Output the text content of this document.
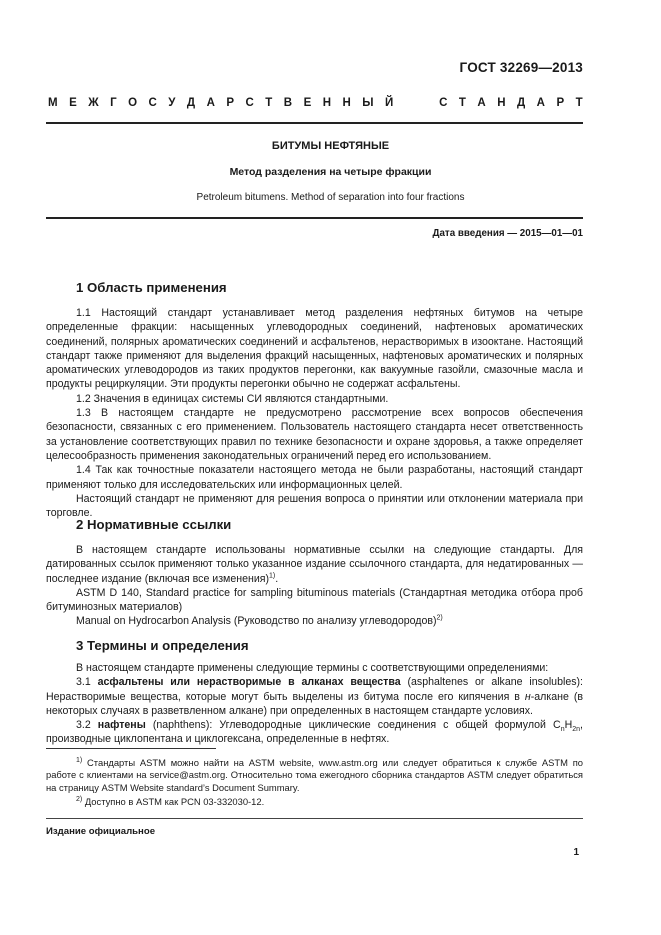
ГОСТ 32269—2013
М Е Ж Г О С У Д А Р С Т В Е Н Н Ы Й	С Т А Н Д А Р Т
БИТУМЫ НЕФТЯНЫЕ
Метод разделения на четыре фракции
Petroleum bitumens. Method of separation into four fractions
Дата введения — 2015—01—01
1 Область применения

1.1 Настоящий стандарт устанавливает метод разделения нефтяных битумов на четыре определенные фракции: насыщенных углеводородных соединений, нафтеновых ароматических соединений, полярных ароматических соединений и асфальтенов, нерастворимых в изооктане. Настоящий стандарт также применяют для выделения фракций насыщенных, нафтеновых ароматических и полярных ароматических углеводородов из таких продуктов перегонки, как вакуумные газойли, смазочные масла и продукты рециркуляции. Эти продукты перегонки обычно не содержат асфальтены.

1.2 Значения в единицах системы СИ являются стандартными.

1.3 В настоящем стандарте не предусмотрено рассмотрение всех вопросов обеспечения безопасности, связанных с его применением. Пользователь настоящего стандарта несет ответственность за установление соответствующих правил по технике безопасности и охране здоровья, а также определяет целесообразность применения законодательных ограничений перед его использованием.

1.4 Так как точностные показатели настоящего метода не были разработаны, настоящий стандарт применяют только для исследовательских или информационных целей.

Настоящий стандарт не применяют для решения вопроса о принятии или отклонении материала при торговле.

2 Нормативные ссылки

В настоящем стандарте использованы нормативные ссылки на следующие стандарты. Для датированных ссылок применяют только указанное издание ссылочного стандарта, для недатированных — последнее издание (включая все изменения)$^{1)}$.

ASTM D 140, Standard practice for sampling bituminous materials (Стандартная методика отбора проб битуминозных материалов)

Manual on Hydrocarbon Analysis (Руководство по анализу углеводородов)$^{2)}$

3 Термины и определения

В настоящем стандарте применены следующие термины с соответствующими определениями:

3.1 асфальтены или нерастворимые в алканах вещества (asphaltenes or alkane insolubles): Нерастворимые вещества, которые могут быть выделены из битума после его кипячения в н-алкане (в некоторых случаях в разветвленном алкане) при определенных в настоящем стандарте условиях.

3.2 нафтены (naphthens): Углеводородные циклические соединения с общей формулой $C_nH_{2n}$, производные циклопентана и циклогексана, определенные в нефтях.

$^{1)}$ Стандарты ASTM можно найти на ASTM website, www.astm.org или следует обратиться к службе ASTM по работе с клиентами на service@astm.org. Относительно тома ежегодного сборника стандартов ASTM следует обратиться на страницу ASTM Website standard’s Document Summary.

$^{2)}$ Доступно в ASTM как PCN 03-332030-12.

Издание официальное
1
